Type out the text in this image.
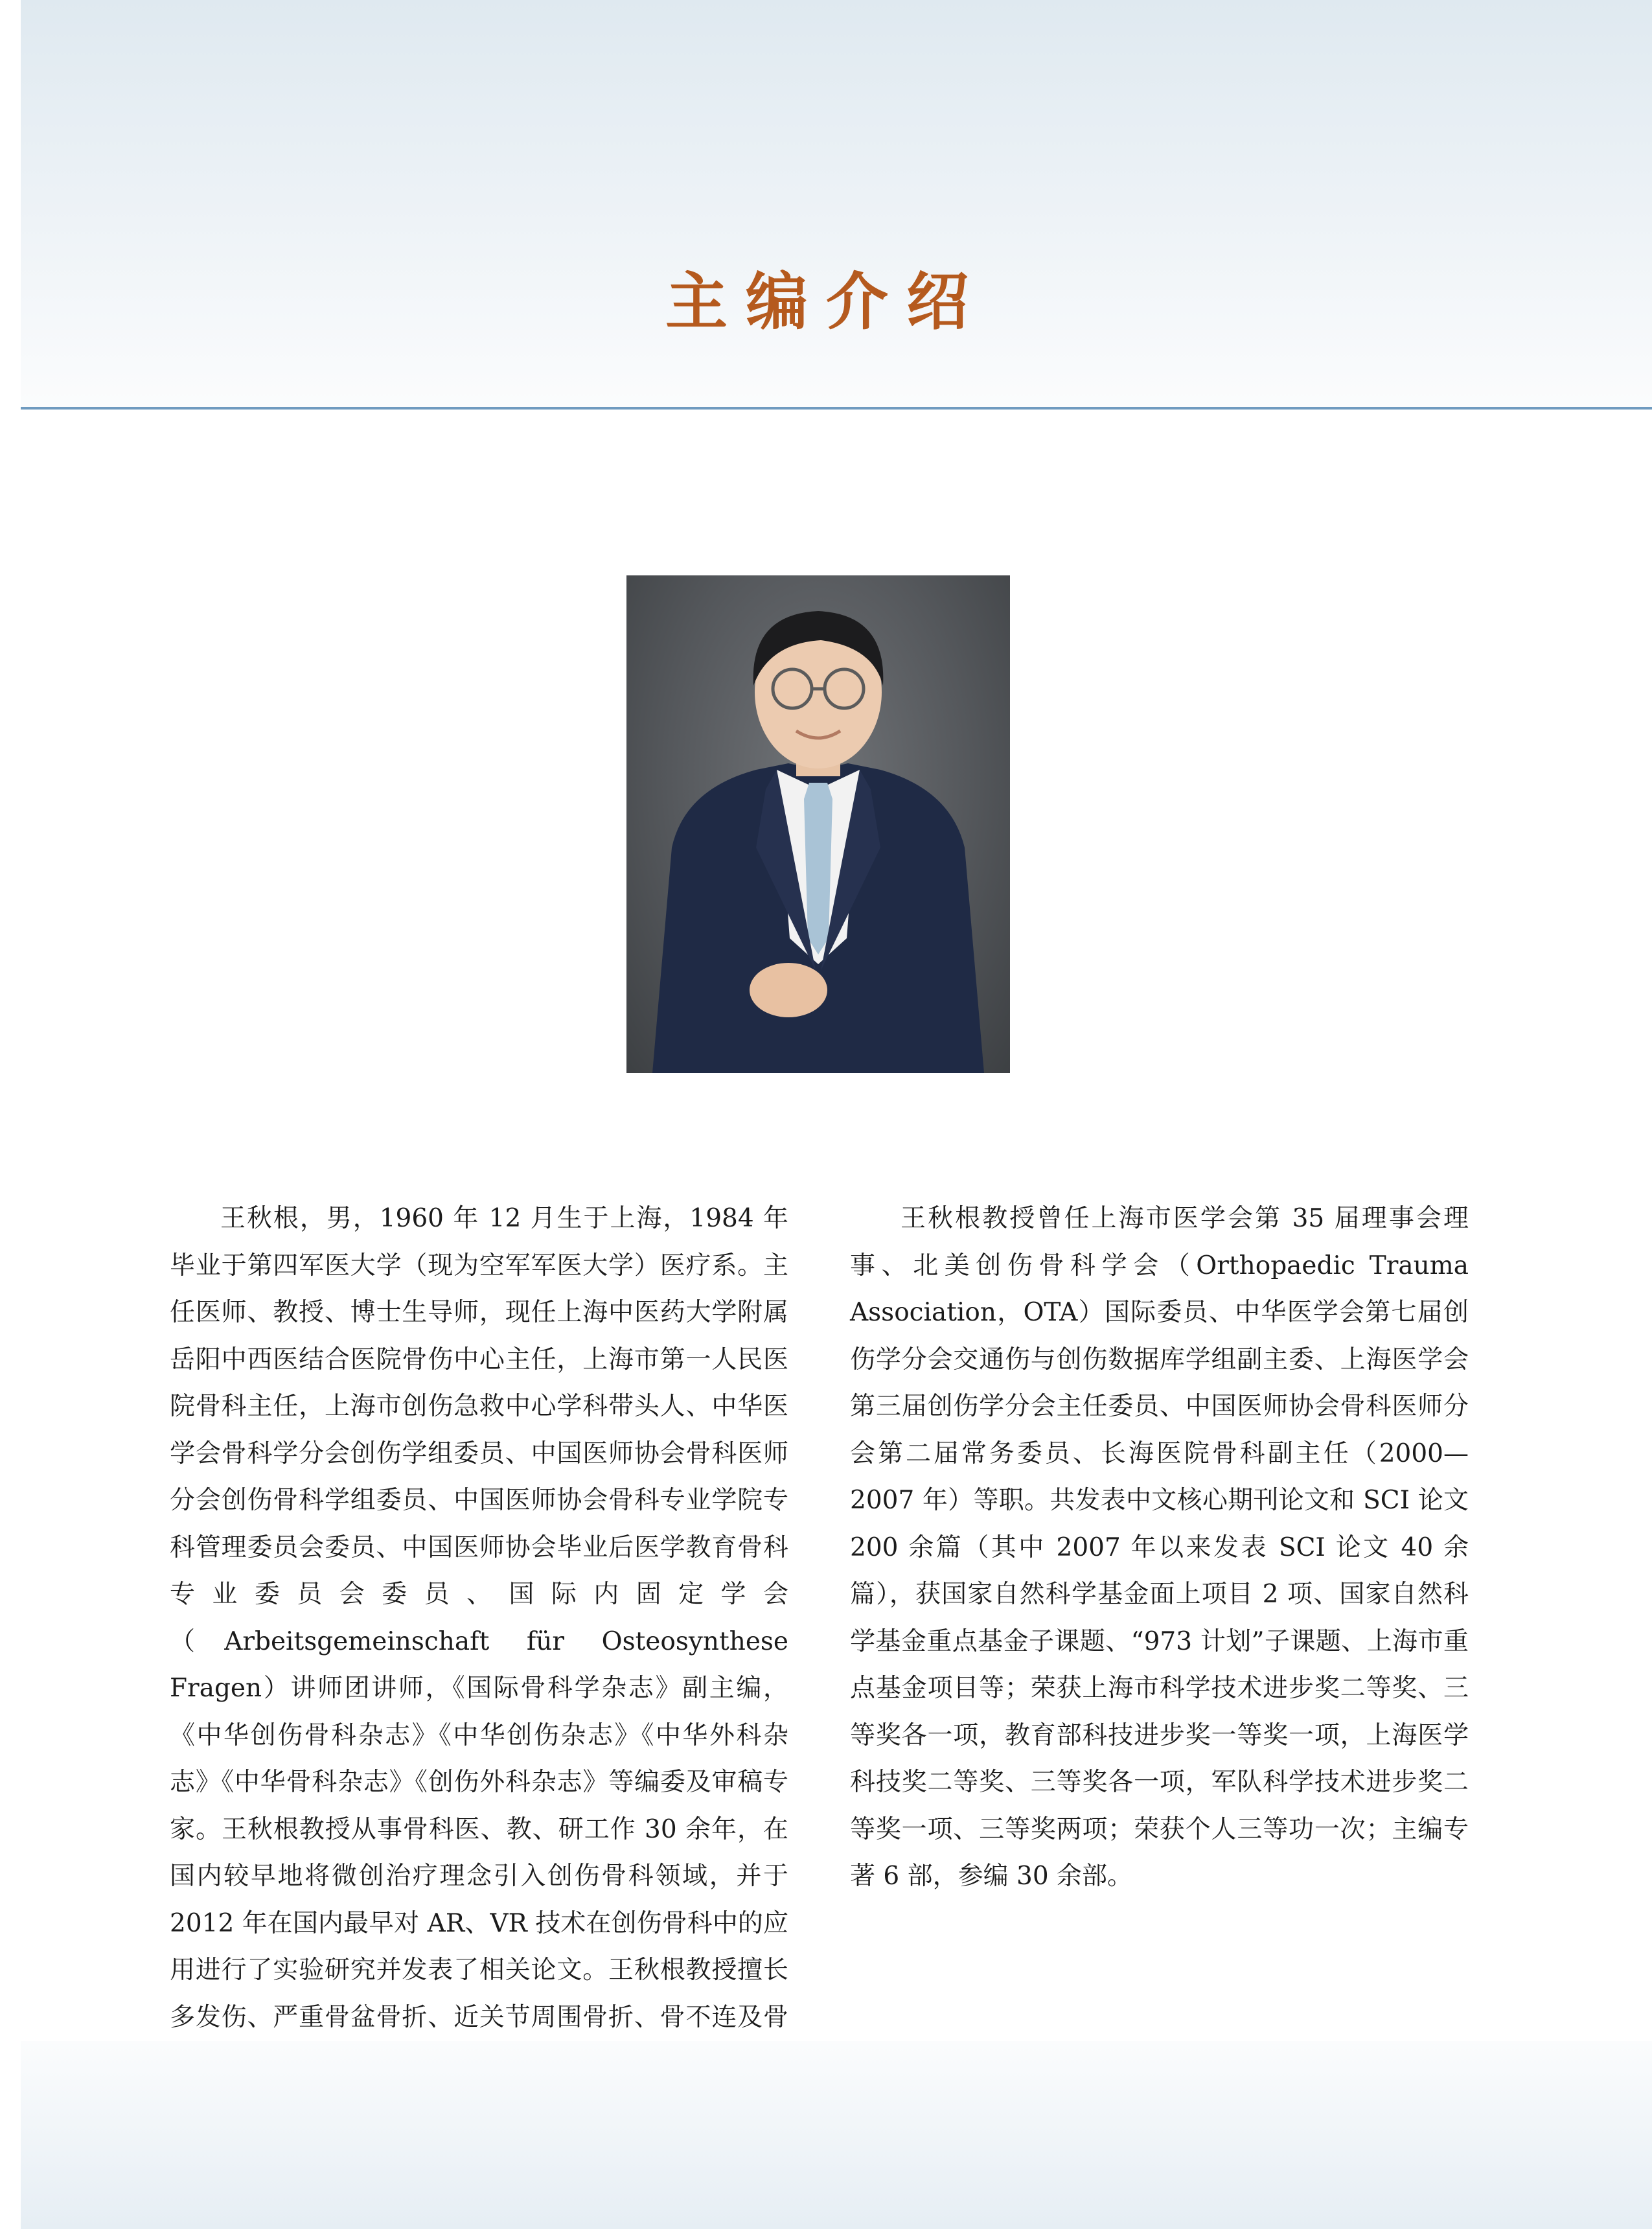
主编介绍

王秋根，男，1960 年 12 月生于上海，1984 年毕业于第四军医大学（现为空军军医大学）医疗系。主任医师、教授、博士生导师，现任上海中医药大学附属岳阳中西医结合医院骨伤中心主任，上海市第一人民医院骨科主任，上海市创伤急救中心学科带头人、中华医学会骨科学分会创伤学组委员、中国医师协会骨科医师分会创伤骨科学组委员、中国医师协会骨科专业学院专科管理委员会委员、中国医师协会毕业后医学教育骨科专业委员会委员、国际内固定学会（Arbeitsgemeinschaft für Osteosynthese Fragen）讲师团讲师，《国际骨科学杂志》副主编，《中华创伤骨科杂志》《中华创伤杂志》《中华外科杂志》《中华骨科杂志》《创伤外科杂志》等编委及审稿专家。王秋根教授从事骨科医、教、研工作 30 余年，在国内较早地将微创治疗理念引入创伤骨科领域，并于 2012 年在国内最早对 AR、VR 技术在创伤骨科中的应用进行了实验研究并发表了相关论文。王秋根教授擅长多发伤、严重骨盆骨折、近关节周围骨折、骨不连及骨

王秋根教授曾任上海市医学会第 35 届理事会理事、北美创伤骨科学会（Orthopaedic Trauma Association，OTA）国际委员、中华医学会第七届创伤学分会交通伤与创伤数据库学组副主委、上海医学会第三届创伤学分会主任委员、中国医师协会骨科医师分会第二届常务委员、长海医院骨科副主任（2000—2007 年）等职。共发表中文核心期刊论文和 SCI 论文 200 余篇（其中 2007 年以来发表 SCI 论文 40 余篇），获国家自然科学基金面上项目 2 项、国家自然科学基金重点基金子课题、“973 计划”子课题、上海市重点基金项目等；荣获上海市科学技术进步奖二等奖、三等奖各一项，教育部科技进步奖一等奖一项，上海医学科技奖二等奖、三等奖各一项，军队科学技术进步奖二等奖一项、三等奖两项；荣获个人三等功一次；主编专著 6 部，参编 30 余部。
